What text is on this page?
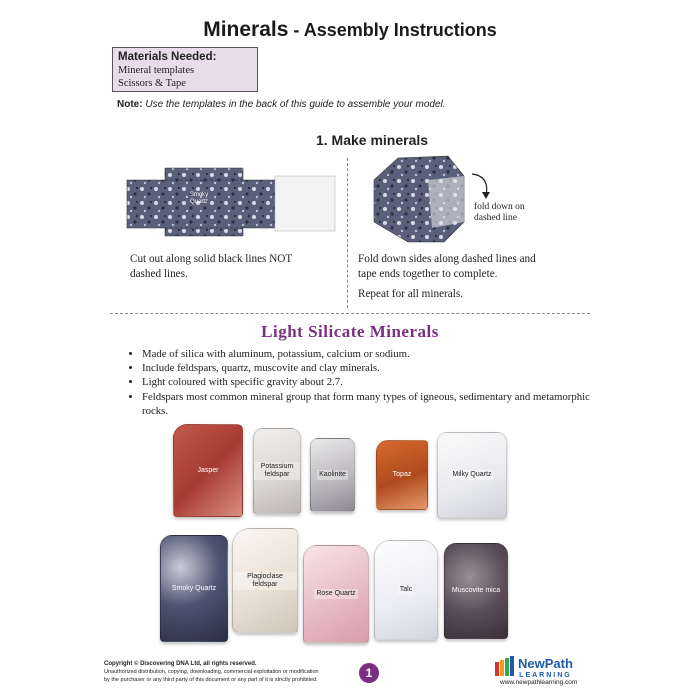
Minerals - Assembly Instructions
Materials Needed:
Mineral templates
Scissors & Tape
Note: Use the templates in the back of this guide to assemble your model.
1. Make minerals
Smoky Quartz	fold down on
dashed line
Cut out along solid black lines NOT
dashed lines.
Fold down sides along dashed lines and
tape ends together to complete.
Repeat for all minerals.
Light Silicate Minerals
• Made of silica with aluminum, potassium, calcium or sodium.
• Include feldspars, quartz, muscovite and clay minerals.
• Light coloured with specific gravity about 2.7.
• Feldspars most common mineral group that form many types of igneous, sedimentary and metamorphic rocks.
Jasper	Potassium feldspar	Kaolinite	Topaz	Milky Quartz
Smoky Quartz
Plagioclase feldspar
Rose Quartz
Talc	Muscovite mica
Copyright © Discovering DNA Ltd, all rights reserved.
Unauthorized distribution, copying, downloading, commercial exploitation or modification
by the purchaser or any third party of this document or any part of it is strictly prohibited.	1
NewPath
LEARNING
www.newpathlearning.com
